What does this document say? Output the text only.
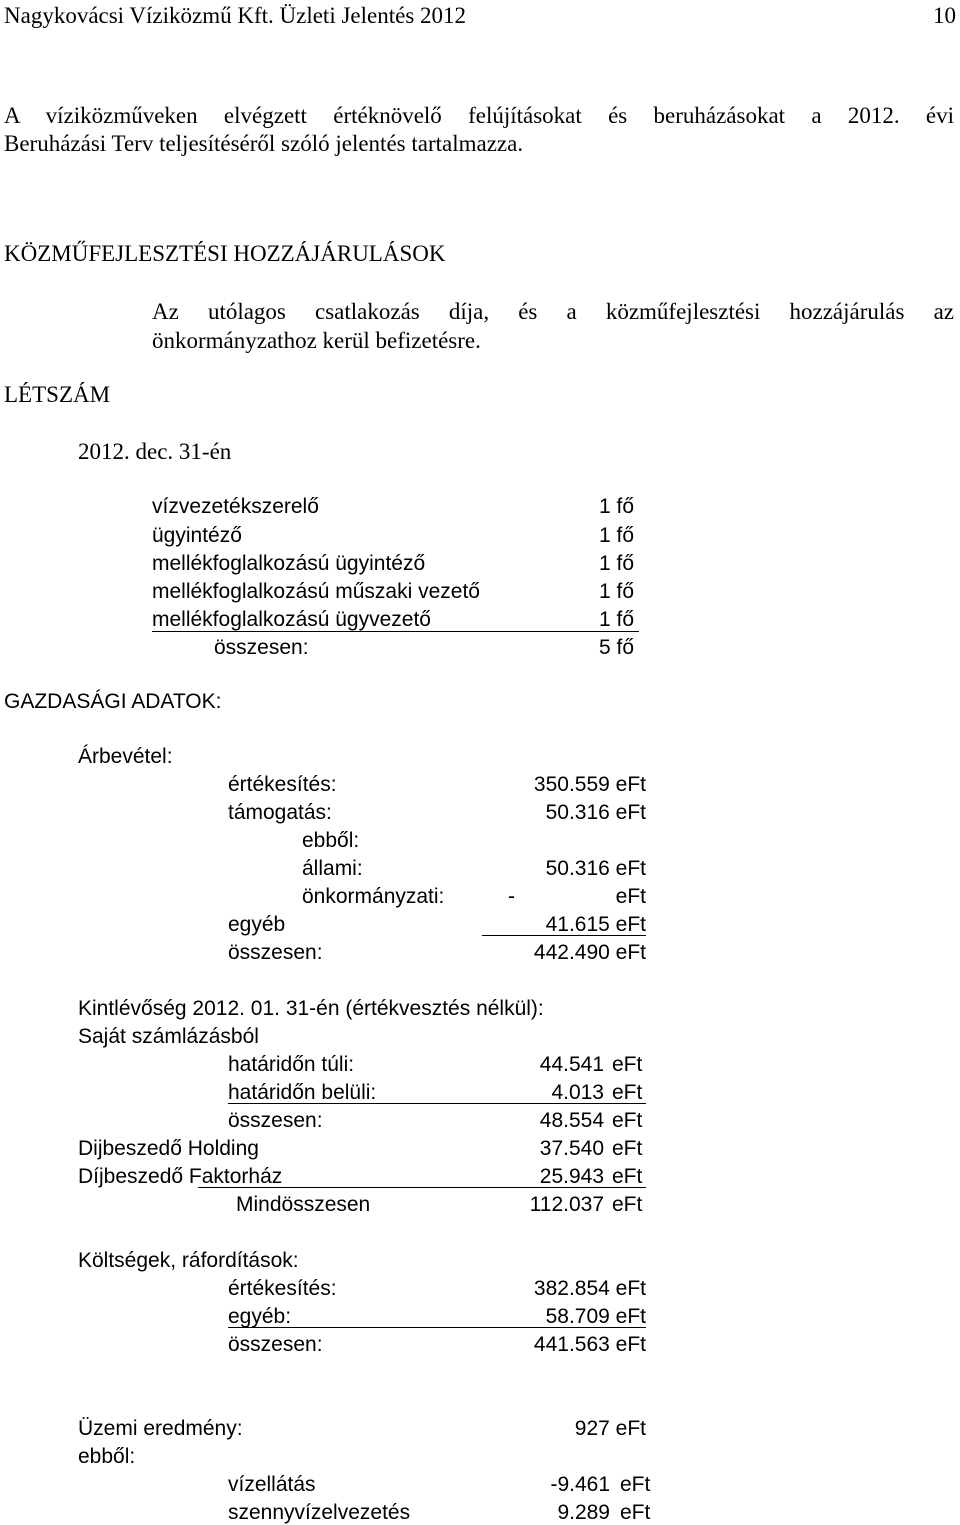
Nagykovácsi Víziközmű Kft. Üzleti Jelentés 2012	10
A víziközműveken elvégzett értéknövelő felújításokat és beruházásokat a 2012. évi
Beruházási Terv teljesítéséről szóló jelentés tartalmazza.
KÖZMŰFEJLESZTÉSI HOZZÁJÁRULÁSOK
Az utólagos csatlakozás díja, és a közműfejlesztési hozzájárulás az
önkormányzathoz kerül befizetésre.
LÉTSZÁM
2012. dec. 31-én
vízvezetékszerelő	1 fő
ügyintéző	1 fő
mellékfoglalkozású ügyintéző	1 fő
mellékfoglalkozású műszaki vezető	1 fő
mellékfoglalkozású ügyvezető	1 fő
összesen:	5 fő
GAZDASÁGI ADATOK:
Árbevétel:
értékesítés:	350.559 eFt
támogatás:	50.316 eFt
ebből:
állami:	50.316 eFt
önkormányzati:	-	eFt
egyéb	41.615 eFt
összesen:	442.490 eFt
Kintlévőség 2012. 01. 31-én (értékvesztés nélkül):
Saját számlázásból
határidőn túli:	44.541 eFt
határidőn belüli:	4.013 eFt
összesen:	48.554 eFt
Dijbeszedő Holding	37.540 eFt
Díjbeszedő Faktorház	25.943 eFt
Mindösszesen	112.037 eFt
Költségek, ráfordítások:
értékesítés:	382.854 eFt
egyéb:	58.709 eFt
összesen:	441.563 eFt
Üzemi eredmény:	927 eFt
ebből:
vízellátás	-9.461 eFt
szennyvízelvezetés	9.289 eFt
